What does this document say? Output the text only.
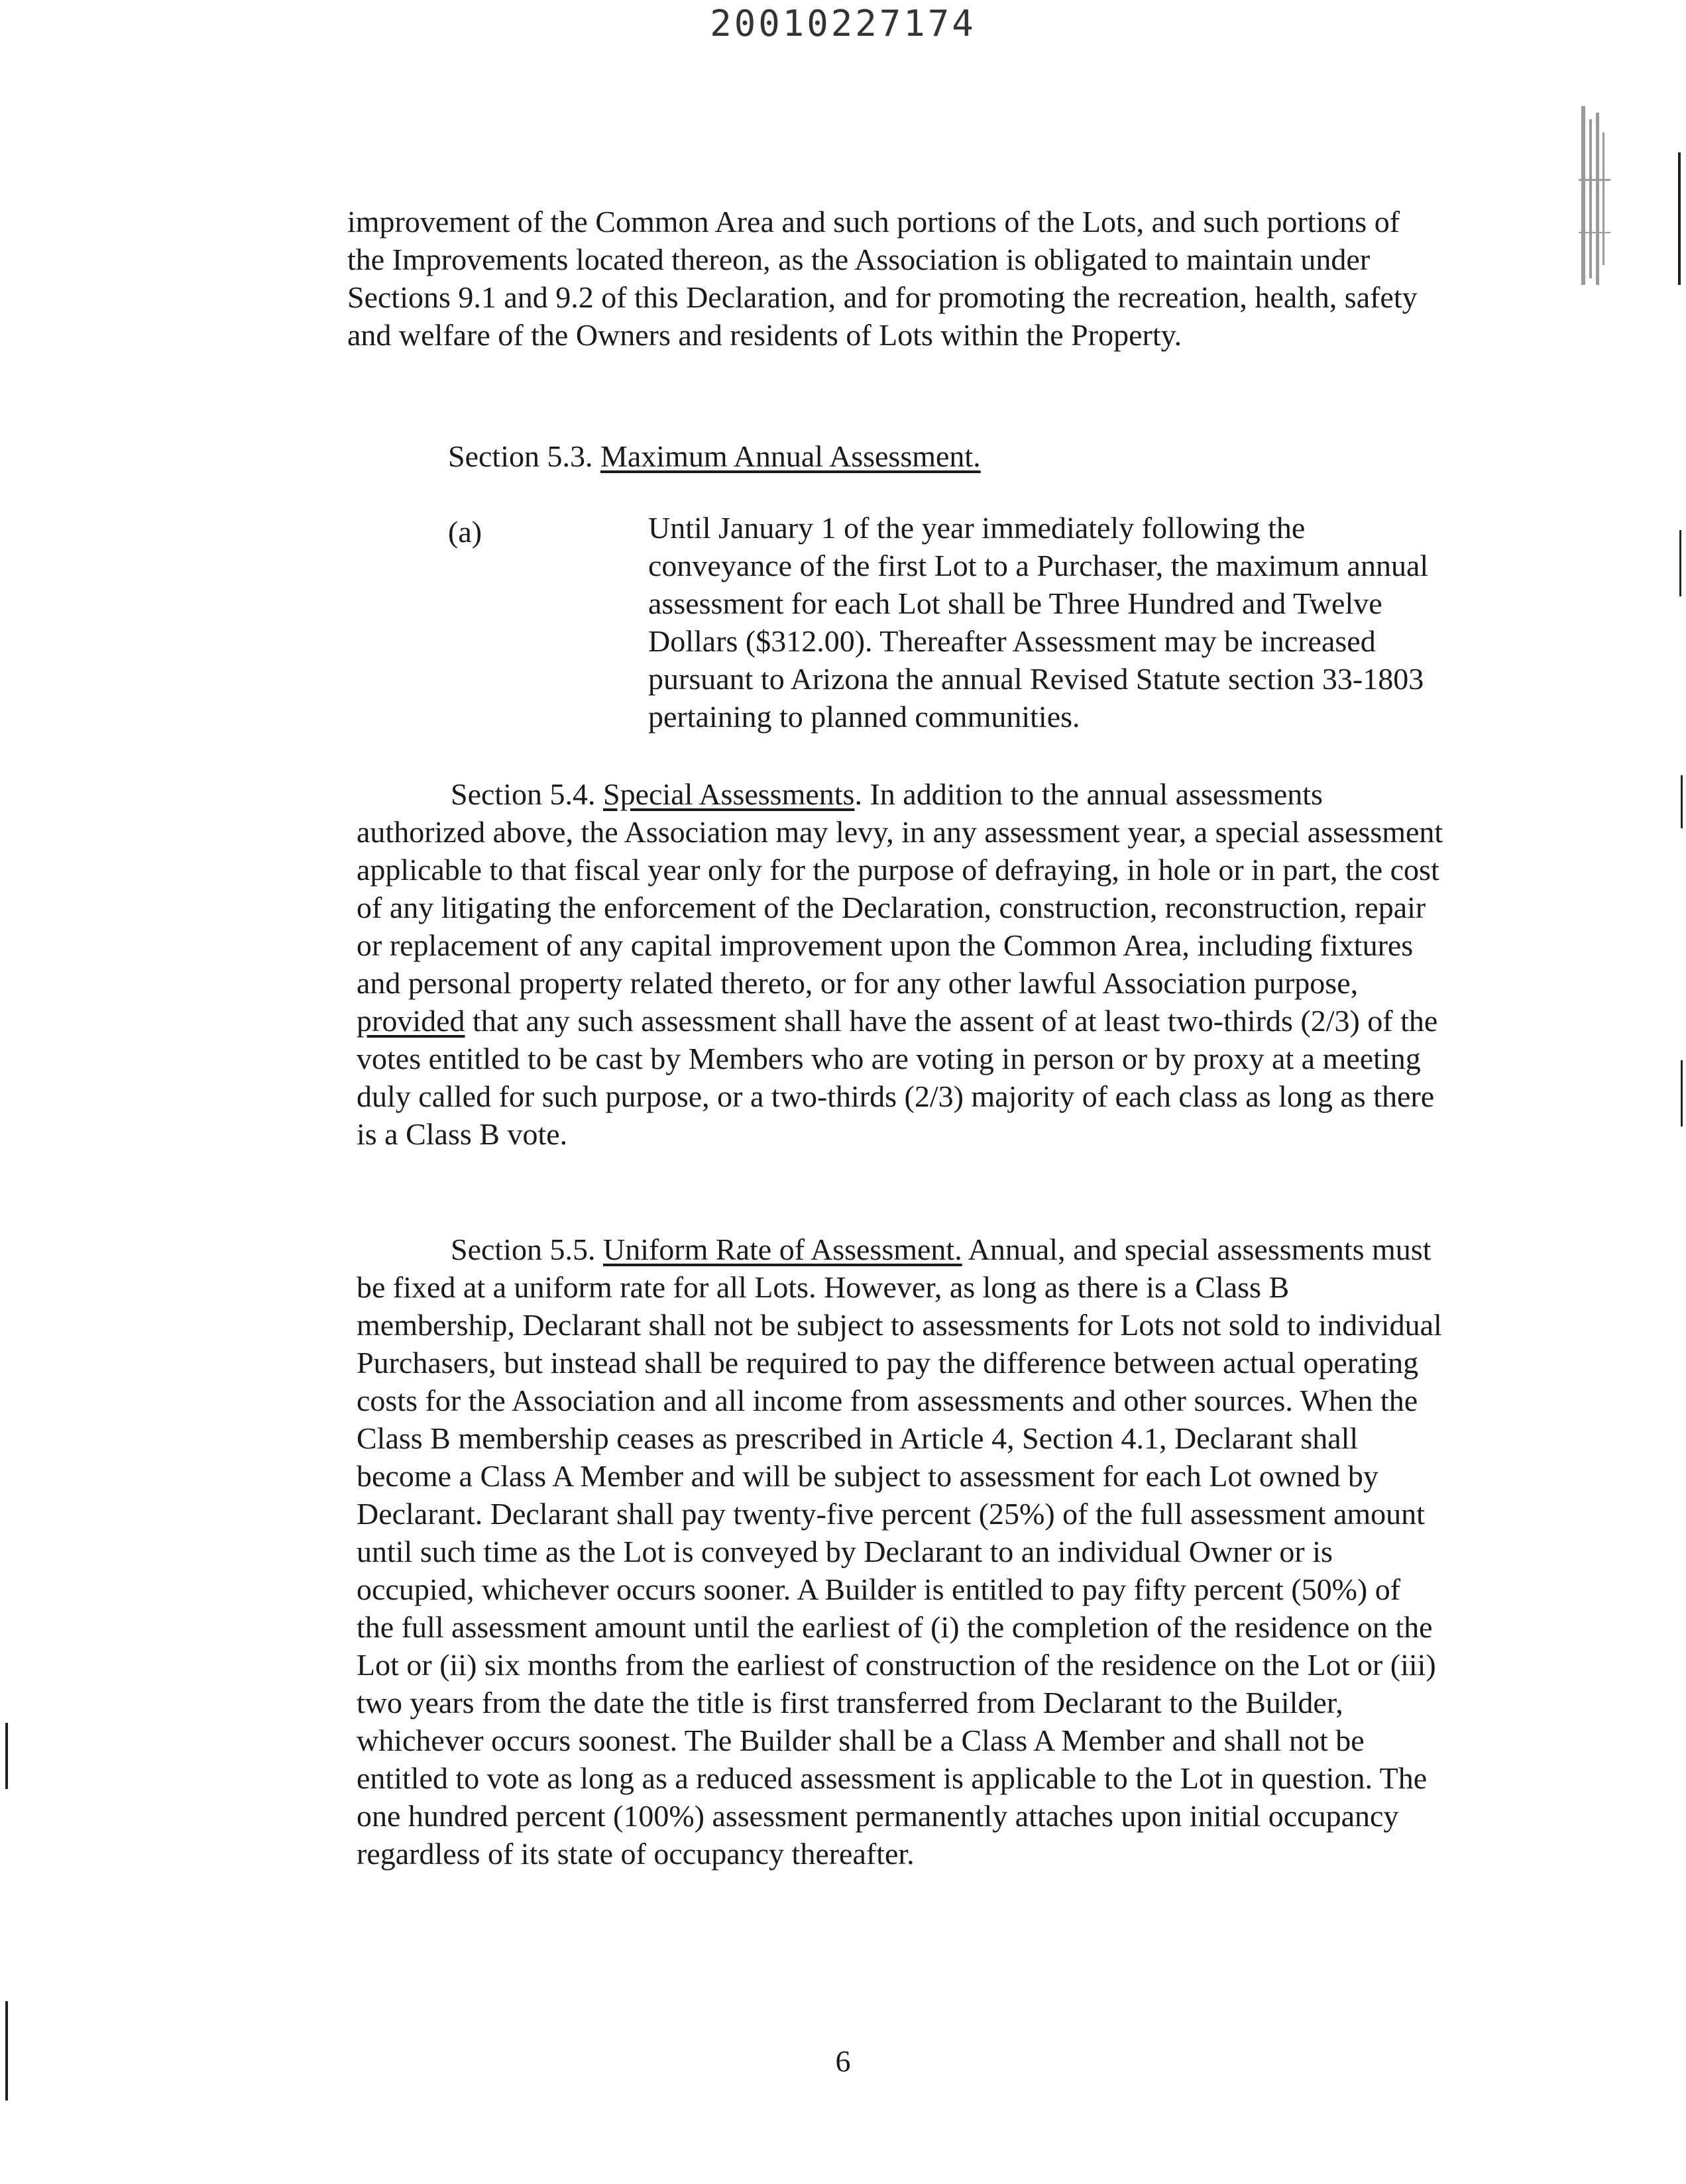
20010227174

improvement of the Common Area and such portions of the Lots, and such portions of the Improvements located thereon, as the Association is obligated to maintain under Sections 9.1 and 9.2 of this Declaration, and for promoting the recreation, health, safety and welfare of the Owners and residents of Lots within the Property.

Section 5.3. Maximum Annual Assessment.

(a)	Until January 1 of the year immediately following the conveyance of the first Lot to a Purchaser, the maximum annual assessment for each Lot shall be Three Hundred and Twelve Dollars ($312.00). Thereafter Assessment may be increased pursuant to Arizona the annual Revised Statute section 33-1803 pertaining to planned communities.

Section 5.4. Special Assessments. In addition to the annual assessments authorized above, the Association may levy, in any assessment year, a special assessment applicable to that fiscal year only for the purpose of defraying, in hole or in part, the cost of any litigating the enforcement of the Declaration, construction, reconstruction, repair or replacement of any capital improvement upon the Common Area, including fixtures and personal property related thereto, or for any other lawful Association purpose, provided that any such assessment shall have the assent of at least two-thirds (2/3) of the votes entitled to be cast by Members who are voting in person or by proxy at a meeting duly called for such purpose, or a two-thirds (2/3) majority of each class as long as there is a Class B vote.

Section 5.5. Uniform Rate of Assessment. Annual, and special assessments must be fixed at a uniform rate for all Lots. However, as long as there is a Class B membership, Declarant shall not be subject to assessments for Lots not sold to individual Purchasers, but instead shall be required to pay the difference between actual operating costs for the Association and all income from assessments and other sources. When the Class B membership ceases as prescribed in Article 4, Section 4.1, Declarant shall become a Class A Member and will be subject to assessment for each Lot owned by Declarant. Declarant shall pay twenty-five percent (25%) of the full assessment amount until such time as the Lot is conveyed by Declarant to an individual Owner or is occupied, whichever occurs sooner. A Builder is entitled to pay fifty percent (50%) of the full assessment amount until the earliest of (i) the completion of the residence on the Lot or (ii) six months from the earliest of construction of the residence on the Lot or (iii) two years from the date the title is first transferred from Declarant to the Builder, whichever occurs soonest. The Builder shall be a Class A Member and shall not be entitled to vote as long as a reduced assessment is applicable to the Lot in question. The one hundred percent (100%) assessment permanently attaches upon initial occupancy regardless of its state of occupancy thereafter.

6
